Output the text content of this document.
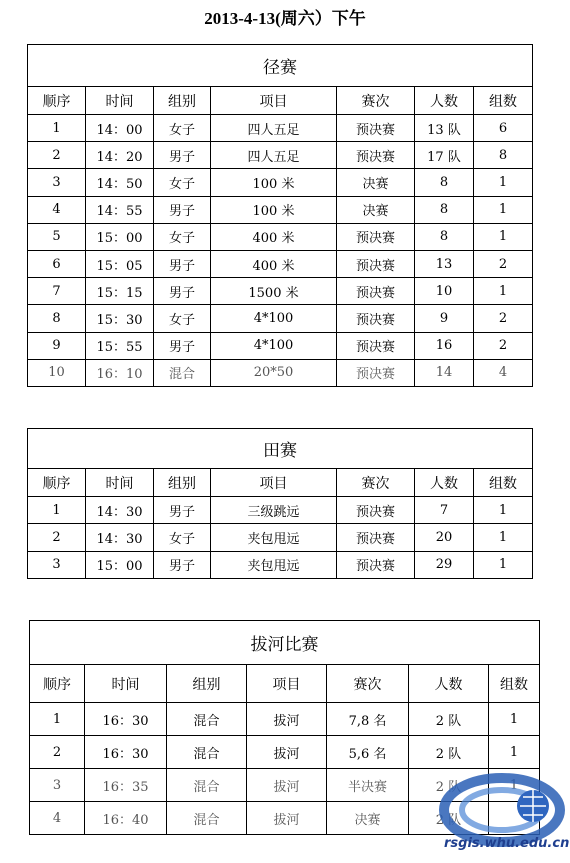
2013-4-13(周六）下午
径赛						
顺序	时间	组别	项目	赛次	人数	组数
1	14：00	女子	四人五足	预决赛	13 队	6
2	14：20	男子	四人五足	预决赛	17 队	8
3	14：50	女子	100 米	决赛	8	1
4	14：55	男子	100 米	决赛	8	1
5	15：00	女子	400 米	预决赛	8	1
6	15：05	男子	400 米	预决赛	13	2
7	15：15	男子	1500 米	预决赛	10	1
8	15：30	女子	4*100	预决赛	9	2
9	15：55	男子	4*100	预决赛	16	2
10	16：10	混合	20*50	预决赛	14	4
田赛						
顺序	时间	组别	项目	赛次	人数	组数
1	14：30	男子	三级跳远	预决赛	7	1
2	14：30	女子	夹包甩远	预决赛	20	1
3	15：00	男子	夹包甩远	预决赛	29	1
拔河比赛						
顺序	时间	组别	项目	赛次	人数	组数
1	16：30	混合	拔河	7,8 名	2 队	1
2	16：30	混合	拔河	5,6 名	2 队	1
3	16：35	混合	拔河	半决赛	2 队	1
4	16：40	混合	拔河	决赛	2 队	
rsgis.whu.edu.cn
